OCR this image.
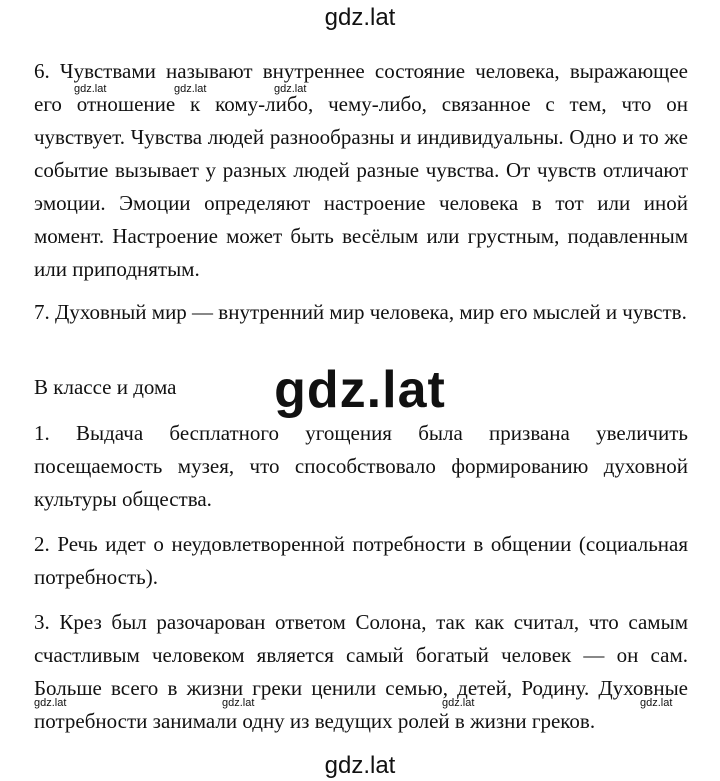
gdz.lat
6. Чувствами называют внутреннее состояние человека, выражающее его отношение к кому-либо, чему-либо, связанное с тем, что он чувствует. Чувства людей разнообразны и индивидуальны. Одно и то же событие вызывает у разных людей разные чувства. От чувств отличают эмоции. Эмоции определяют настроение человека в тот или иной момент. Настроение может быть весёлым или грустным, подавленным или приподнятым.
gdz.lat	gdz.lat	gdz.lat
7. Духовный мир — внутренний мир человека, мир его мыслей и чувств.
В классе и дома	gdz.lat
1. Выдача бесплатного угощения была призвана увеличить посещаемость музея, что способствовало формированию духовной культуры общества.
2. Речь идет о неудовлетворенной потребности в общении (социальная потребность).
3. Крез был разочарован ответом Солона, так как считал, что самым счастливым человеком является самый богатый человек — он сам. Больше всего в жизни греки ценили семью, детей, Родину. Духовные потребности занимали одну из ведущих ролей в жизни греков.
gdz.lat	gdz.lat	gdz.lat	gdz.lat
gdz.lat
